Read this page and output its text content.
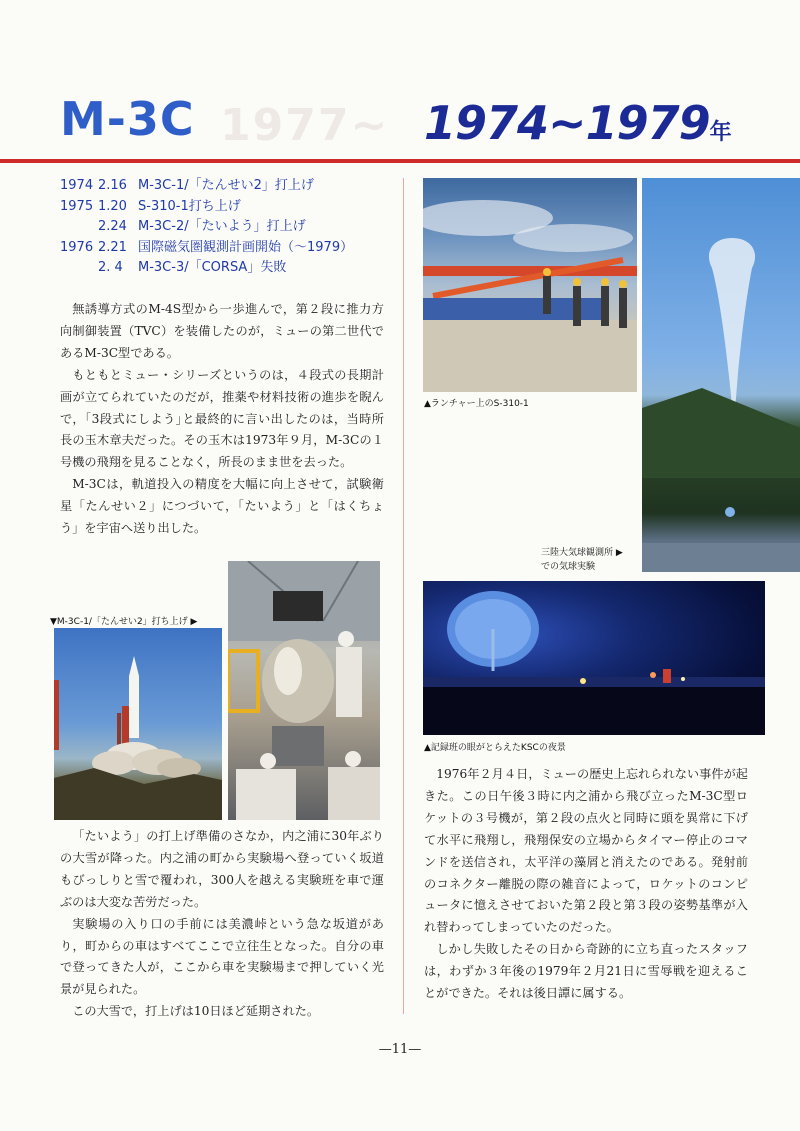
1977~
M-3C	1974~1979年
1974 2.16 M-3C-1/「たんせい2」打上げ
1975 1.20 S-310-1打ち上げ
2.24 M-3C-2/「たいよう」打上げ
1976 2.21 国際磁気圏観測計画開始（～1979）
2. 4 M-3C-3/「CORSA」失敗

無誘導方式のM-4S型から一歩進んで，第２段に推力方向制御装置（TVC）を装備したのが，ミューの第二世代であるM-3C型である。

もともとミュー・シリーズというのは，４段式の長期計画が立てられていたのだが，推薬や材料技術の進歩を睨んで，｢3段式にしよう｣と最終的に言い出したのは，当時所長の玉木章夫だった。その玉木は1973年９月，M-3Cの１号機の飛翔を見ることなく，所長のまま世を去った。

M-3Cは，軌道投入の精度を大幅に向上させて，試験衛星「たんせい２」につづいて，「たいよう」と「はくちょう」を宇宙へ送り出した。

▼M-3C-1/「たんせい2」打ち上げ ▶

「たいよう」の打上げ準備のさなか，内之浦に30年ぶりの大雪が降った。内之浦の町から実験場へ登っていく坂道もびっしりと雪で覆われ，300人を越える実験班を車で運ぶのは大変な苦労だった。

実験場の入り口の手前には美濃峠という急な坂道があり，町からの車はすべてここで立往生となった。自分の車で登ってきた人が，ここから車を実験場まで押していく光景が見られた。

この大雪で，打上げは10日ほど延期された。

▲ランチャー上のS-310-1
三陸大気球観測所 ▶
での気球実験
▲記録班の眼がとらえたKSCの夜景

1976年２月４日，ミューの歴史上忘れられない事件が起きた。この日午後３時に内之浦から飛び立ったM-3C型ロケットの３号機が，第２段の点火と同時に頭を異常に下げて水平に飛翔し，飛翔保安の立場からタイマー停止のコマンドを送信され，太平洋の藻屑と消えたのである。発射前のコネクター離脱の際の雑音によって，ロケットのコンピュータに憶えさせておいた第２段と第３段の姿勢基準が入れ替わってしまっていたのだった。

しかし失敗したその日から奇跡的に立ち直ったスタッフは，わずか３年後の1979年２月21日に雪辱戦を迎えることができた。それは後日譚に属する。

—11—
